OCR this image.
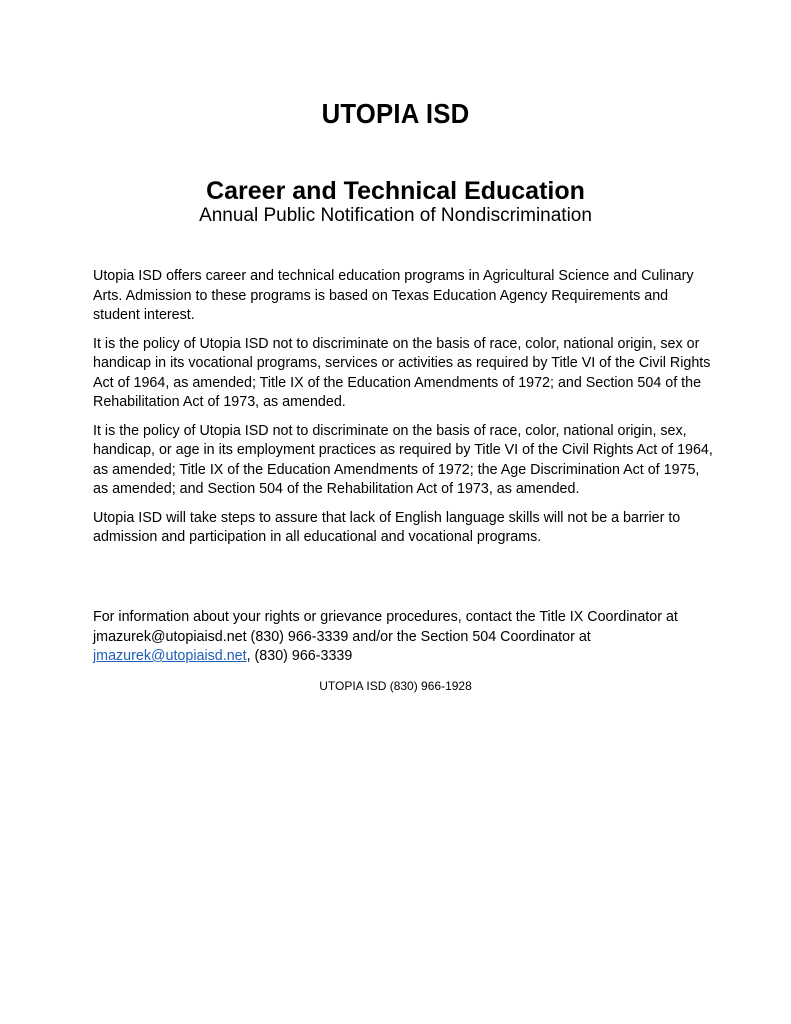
UTOPIA ISD
Career and Technical Education
Annual Public Notification of Nondiscrimination

Utopia ISD offers career and technical education programs in Agricultural Science and Culinary Arts. Admission to these programs is based on Texas Education Agency Requirements and student interest.

It is the policy of Utopia ISD not to discriminate on the basis of race, color, national origin, sex or handicap in its vocational programs, services or activities as required by Title VI of the Civil Rights Act of 1964, as amended; Title IX of the Education Amendments of 1972; and Section 504 of the Rehabilitation Act of 1973, as amended.

It is the policy of Utopia ISD not to discriminate on the basis of race, color, national origin, sex, handicap, or age in its employment practices as required by Title VI of the Civil Rights Act of 1964, as amended; Title IX of the Education Amendments of 1972; the Age Discrimination Act of 1975, as amended; and Section 504 of the Rehabilitation Act of 1973, as amended.

Utopia ISD will take steps to assure that lack of English language skills will not be a barrier to admission and participation in all educational and vocational programs.

For information about your rights or grievance procedures, contact the Title IX Coordinator at jmazurek@utopiaisd.net (830) 966-3339 and/or the Section 504 Coordinator at jmazurek@utopiaisd.net, (830) 966-3339
UTOPIA ISD (830) 966-1928
